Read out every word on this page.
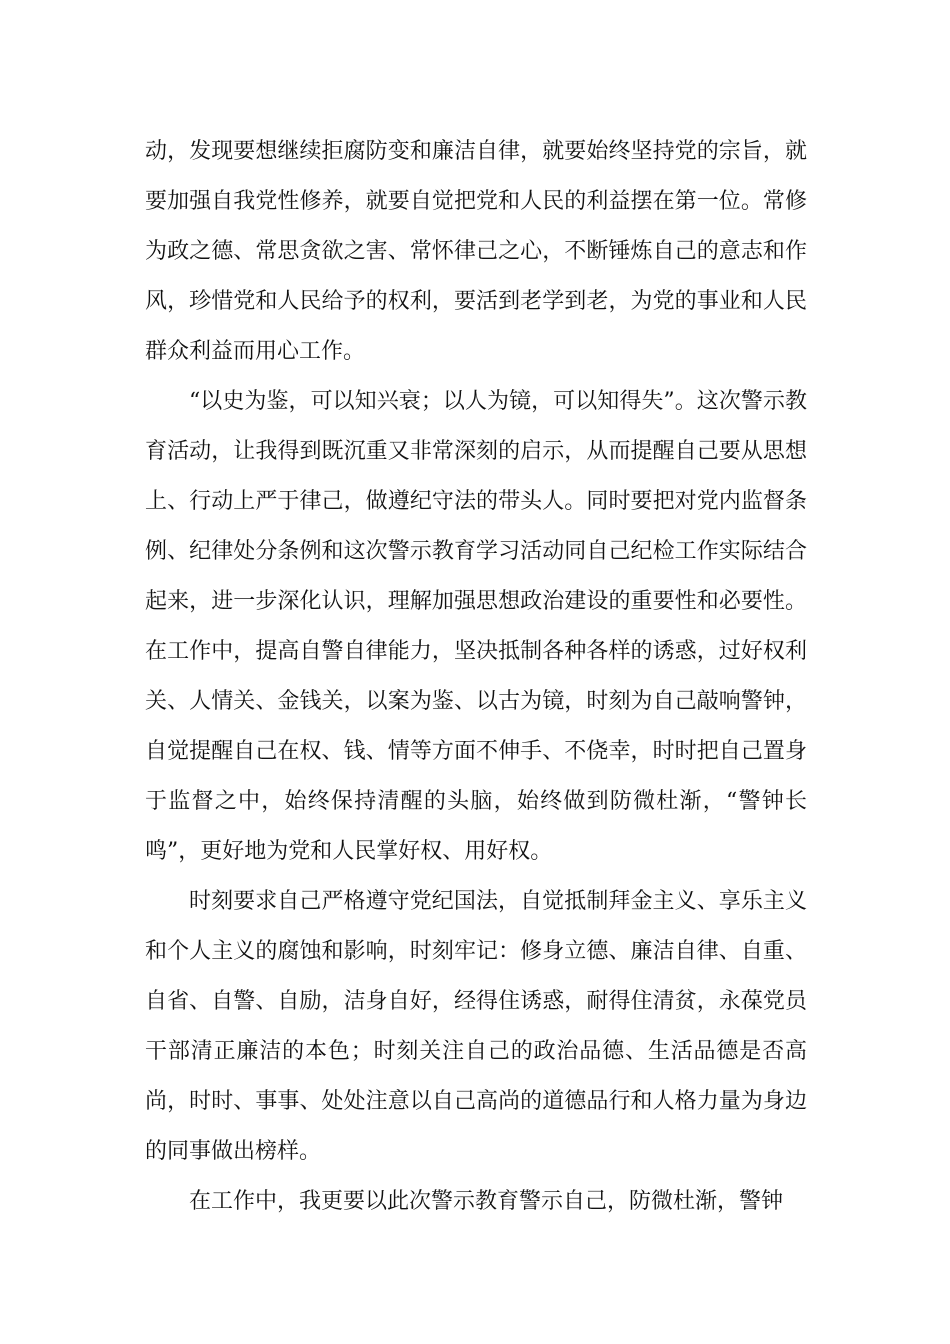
动，发现要想继续拒腐防变和廉洁自律，就要始终坚持党的宗旨，就要加强自我党性修养，就要自觉把党和人民的利益摆在第一位。常修为政之德、常思贪欲之害、常怀律己之心，不断锤炼自己的意志和作风，珍惜党和人民给予的权利，要活到老学到老，为党的事业和人民群众利益而用心工作。

“以史为鉴，可以知兴衰；以人为镜，可以知得失”。这次警示教育活动，让我得到既沉重又非常深刻的启示，从而提醒自己要从思想上、行动上严于律己，做遵纪守法的带头人。同时要把对党内监督条例、纪律处分条例和这次警示教育学习活动同自己纪检工作实际结合起来，进一步深化认识，理解加强思想政治建设的重要性和必要性。在工作中，提高自警自律能力，坚决抵制各种各样的诱惑，过好权利关、人情关、金钱关，以案为鉴、以古为镜，时刻为自己敲响警钟，自觉提醒自己在权、钱、情等方面不伸手、不侥幸，时时把自己置身于监督之中，始终保持清醒的头脑，始终做到防微杜渐，“警钟长鸣”，更好地为党和人民掌好权、用好权。

时刻要求自己严格遵守党纪国法，自觉抵制拜金主义、享乐主义和个人主义的腐蚀和影响，时刻牢记：修身立德、廉洁自律、自重、自省、自警、自励，洁身自好，经得住诱惑，耐得住清贫，永葆党员干部清正廉洁的本色；时刻关注自己的政治品德、生活品德是否高尚，时时、事事、处处注意以自己高尚的道德品行和人格力量为身边的同事做出榜样。

在工作中，我更要以此次警示教育警示自己，防微杜渐，警钟
